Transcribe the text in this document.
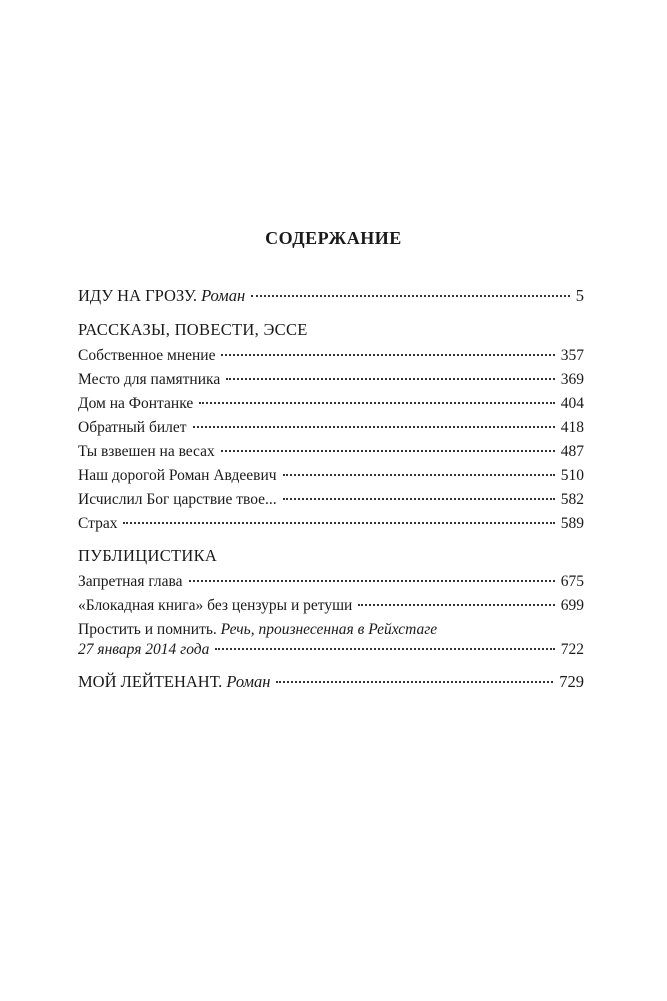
СОДЕРЖАНИЕ
ИДУ НА ГРОЗУ. Роман	5
РАССКАЗЫ, ПОВЕСТИ, ЭССЕ
Собственное мнение	357
Место для памятника	369
Дом на Фонтанке	404
Обратный билет	418
Ты взвешен на весах	487
Наш дорогой Роман Авдеевич	510
Исчислил Бог царствие твое...	582
Страх	589
ПУБЛИЦИСТИКА
Запретная глава	675
«Блокадная книга» без цензуры и ретуши	699
Простить и помнить. Речь, произнесенная в Рейхстаге
27 января 2014 года	722
МОЙ ЛЕЙТЕНАНТ. Роман	729
